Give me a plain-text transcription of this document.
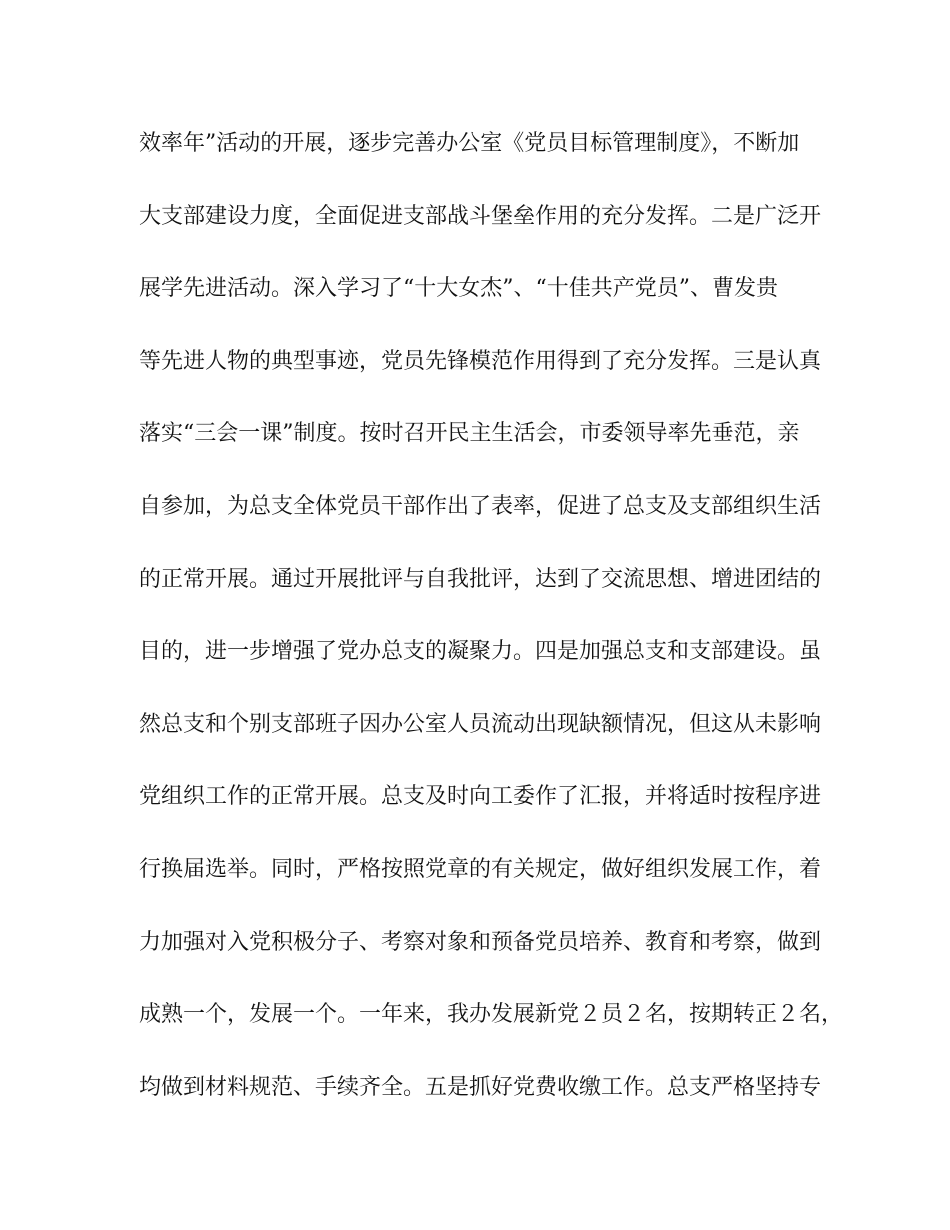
效率年”活动的开展，逐步完善办公室《党员目标管理制度》，不断加
大支部建设力度，全面促进支部战斗堡垒作用的充分发挥。二是广泛开
展学先进活动。深入学习了“十大女杰”、“十佳共产党员”、曹发贵
等先进人物的典型事迹，党员先锋模范作用得到了充分发挥。三是认真
落实“三会一课”制度。按时召开民主生活会，市委领导率先垂范，亲
自参加，为总支全体党员干部作出了表率，促进了总支及支部组织生活
的正常开展。通过开展批评与自我批评，达到了交流思想、增进团结的
目的，进一步增强了党办总支的凝聚力。四是加强总支和支部建设。虽
然总支和个别支部班子因办公室人员流动出现缺额情况，但这从未影响
党组织工作的正常开展。总支及时向工委作了汇报，并将适时按程序进
行换届选举。同时，严格按照党章的有关规定，做好组织发展工作，着
力加强对入党积极分子、考察对象和预备党员培养、教育和考察，做到
成熟一个，发展一个。一年来，我办发展新党２员２名，按期转正２名，
均做到材料规范、手续齐全。五是抓好党费收缴工作。总支严格坚持专
